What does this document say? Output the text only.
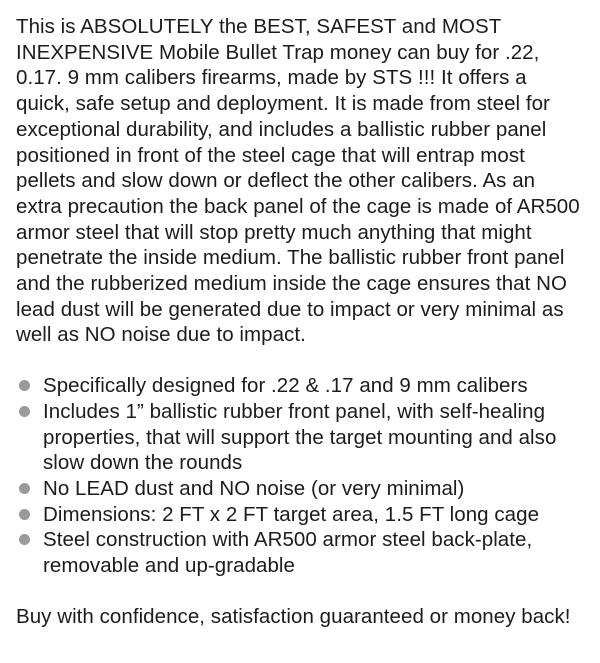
This is ABSOLUTELY the BEST, SAFEST and MOST INEXPENSIVE Mobile Bullet Trap money can buy for .22, 0.17. 9 mm calibers firearms, made by STS !!! It offers a quick, safe setup and deployment. It is made from steel for exceptional durability, and includes a ballistic rubber panel positioned in front of the steel cage that will entrap most pellets and slow down or deflect the other calibers. As an extra precaution the back panel of the cage is made of AR500 armor steel that will stop pretty much anything that might penetrate the inside medium. The ballistic rubber front panel and the rubberized medium inside the cage ensures that NO lead dust will be generated due to impact or very minimal as well as NO noise due to impact.

Specifically designed for .22 & .17 and 9 mm calibers
Includes 1” ballistic rubber front panel, with self-healing properties, that will support the target mounting and also slow down the rounds
No LEAD dust and NO noise (or very minimal)
Dimensions: 2 FT x 2 FT target area, 1.5 FT long cage
Steel construction with AR500 armor steel back-plate, removable and up-gradable

Buy with confidence, satisfaction guaranteed or money back!
